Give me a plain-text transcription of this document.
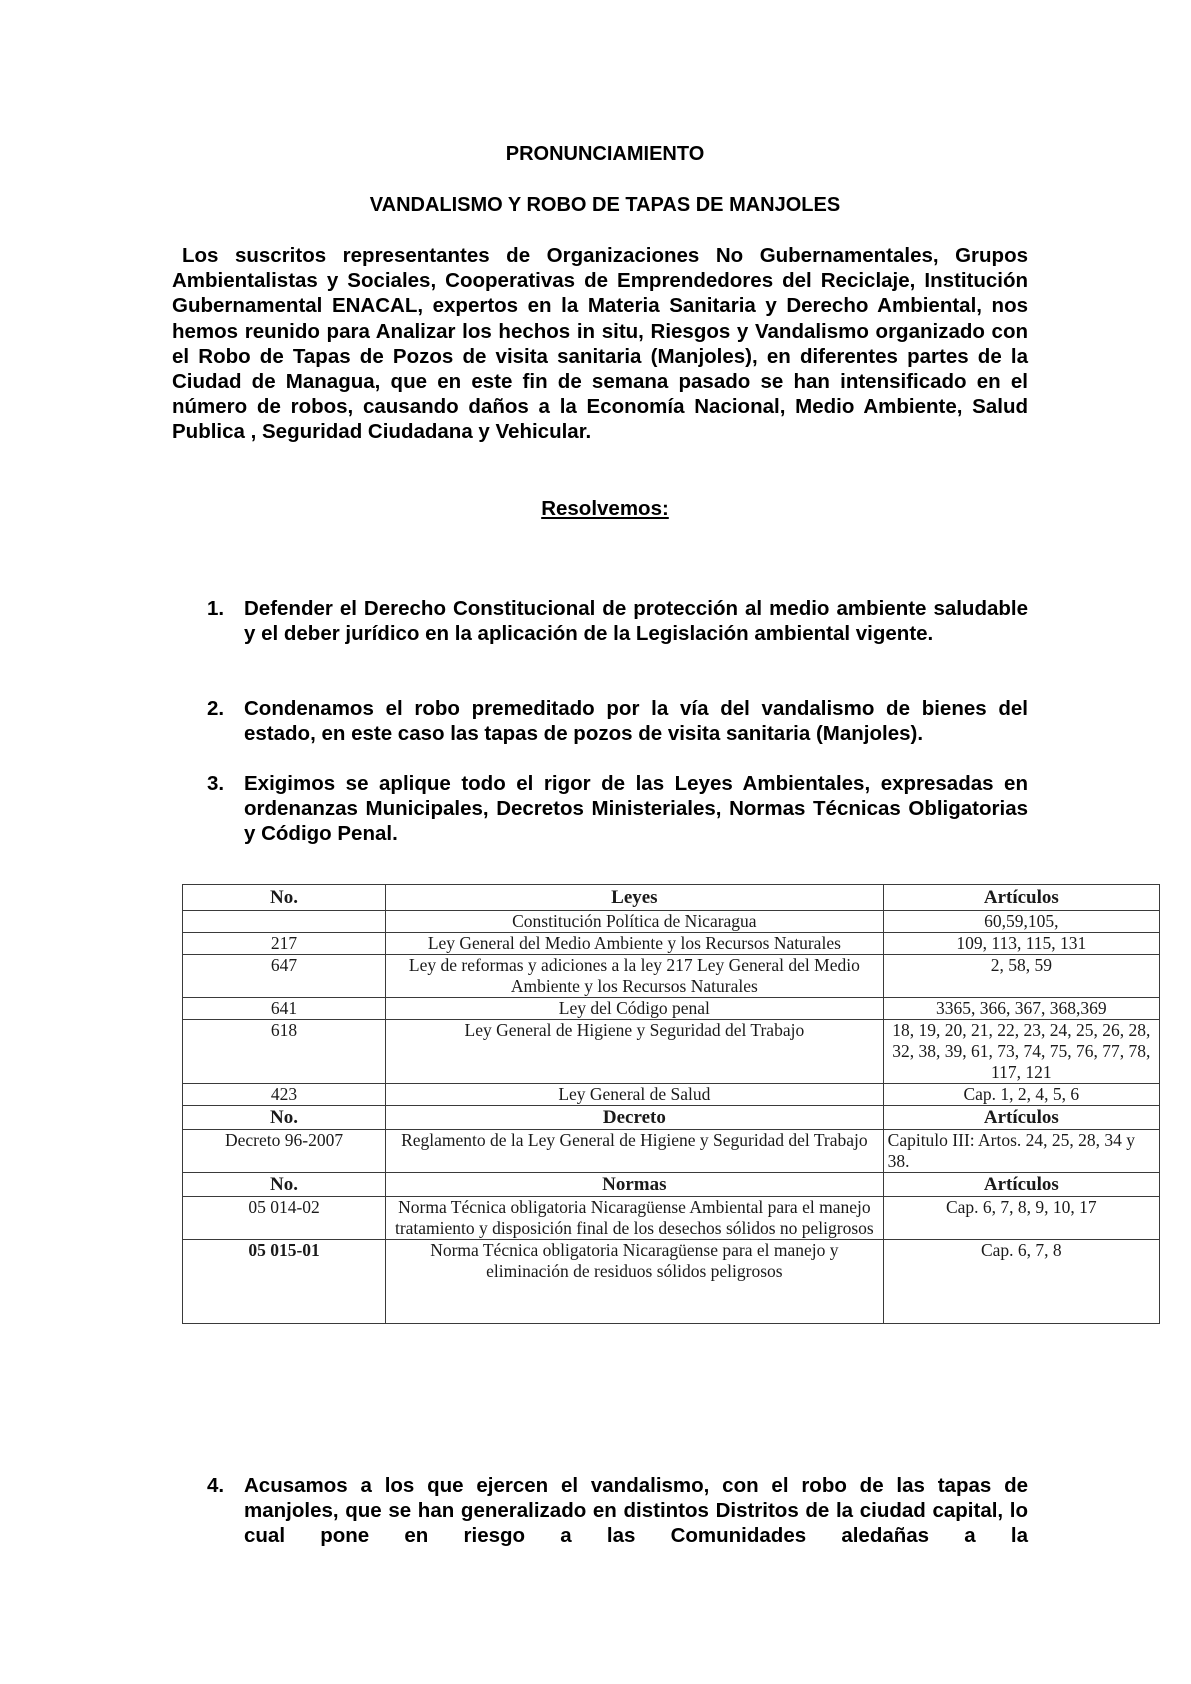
PRONUNCIAMIENTO
VANDALISMO Y ROBO DE TAPAS DE MANJOLES
Los suscritos representantes de Organizaciones No Gubernamentales, Grupos Ambientalistas y Sociales, Cooperativas de Emprendedores del Reciclaje, Institución Gubernamental ENACAL, expertos en la Materia Sanitaria y Derecho Ambiental, nos hemos reunido para Analizar los hechos in situ, Riesgos y Vandalismo organizado con el Robo de Tapas de Pozos de visita sanitaria (Manjoles), en diferentes partes de la Ciudad de Managua, que en este fin de semana pasado se han intensificado en el número de robos, causando daños a la Economía Nacional, Medio Ambiente, Salud Publica , Seguridad Ciudadana y Vehicular.
Resolvemos:
1. Defender el Derecho Constitucional de protección al medio ambiente saludable y el deber jurídico en la aplicación de la Legislación ambiental vigente.
2. Condenamos el robo premeditado por la vía del vandalismo de bienes del estado, en este caso las tapas de pozos de visita sanitaria (Manjoles).
3. Exigimos se aplique todo el rigor de las Leyes Ambientales, expresadas en ordenanzas Municipales, Decretos Ministeriales, Normas Técnicas Obligatorias y Código Penal.
No.	Leyes	Artículos
	Constitución Política de Nicaragua	60,59,105,
217	Ley General del Medio Ambiente y los Recursos Naturales	109, 113, 115, 131
647	Ley de reformas y adiciones a la ley 217 Ley General del Medio Ambiente y los Recursos Naturales	2, 58, 59
641	Ley del Código penal	3365, 366, 367, 368,369
618	Ley General de Higiene y Seguridad del Trabajo	18, 19, 20, 21, 22, 23, 24, 25, 26, 28, 32, 38, 39, 61, 73, 74, 75, 76, 77, 78, 117, 121
423	Ley General de Salud	Cap. 1, 2, 4, 5, 6
No.	Decreto	Artículos
Decreto 96-2007	Reglamento de la Ley General de Higiene y Seguridad del Trabajo	Capitulo III: Artos. 24, 25, 28, 34 y 38.
No.	Normas	Artículos
05 014-02	Norma Técnica obligatoria Nicaragüense Ambiental para el manejo tratamiento y disposición final de los desechos sólidos no peligrosos	Cap. 6, 7, 8, 9, 10, 17
05 015-01	Norma Técnica obligatoria Nicaragüense para el manejo y eliminación de residuos sólidos peligrosos	Cap. 6, 7, 8
4. Acusamos a los que ejercen el vandalismo, con el robo de las tapas de manjoles, que se han generalizado en distintos Distritos de la ciudad capital, lo cual pone en riesgo a las Comunidades aledañas a la
